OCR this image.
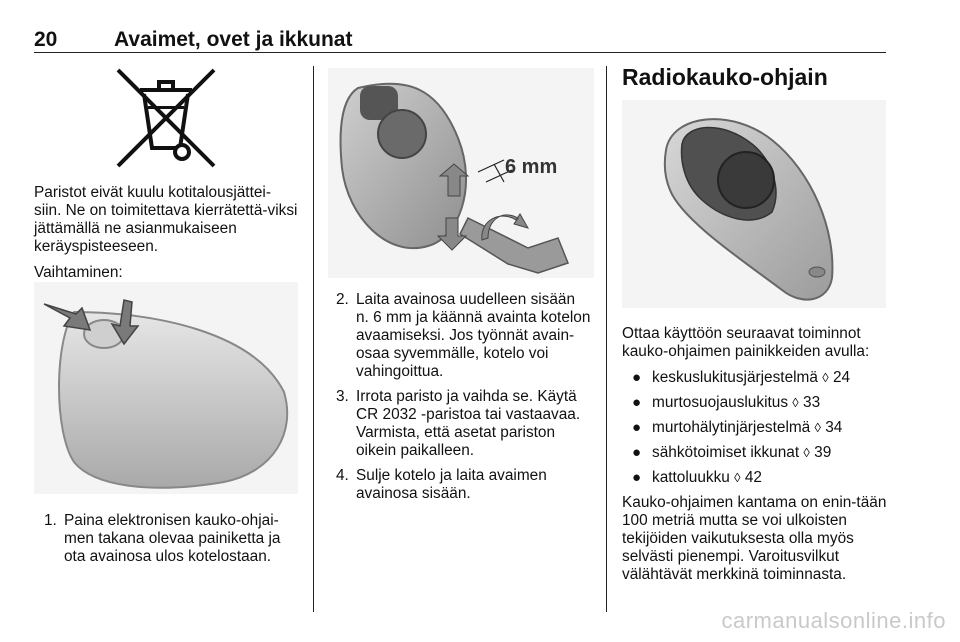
20	Avaimet, ovet ja ikkunat

Paristot eivät kuulu kotitalousjättei-siin. Ne on toimitettava kierrätettä-viksi jättämällä ne asianmukaiseen keräyspisteeseen.

Vaihtaminen:

1. Paina elektronisen kauko-ohjai-men takana olevaa painiketta ja ota avainosa ulos kotelostaan.
6 mm
2. Laita avainosa uudelleen sisään n. 6 mm ja käännä avainta kotelon avaamiseksi. Jos työnnät avain-osaa syvemmälle, kotelo voi vahingoittua.
3. Irrota paristo ja vaihda se. Käytä CR 2032 -paristoa tai vastaavaa. Varmista, että asetat pariston oikein paikalleen.
4. Sulje kotelo ja laita avaimen avainosa sisään.

Radiokauko-ohjain

Ottaa käyttöön seuraavat toiminnot kauko-ohjaimen painikkeiden avulla:

● keskuslukitusjärjestelmä ◊ 24
● murtosuojauslukitus ◊ 33
● murtohälytinjärjestelmä ◊ 34
● sähkötoimiset ikkunat ◊ 39
● kattoluukku ◊ 42

Kauko-ohjaimen kantama on enin-tään 100 metriä mutta se voi ulkoisten tekijöiden vaikutuksesta olla myös selvästi pienempi. Varoitusvilkut välähtävät merkkinä toiminnasta.

carmanualsonline.info
